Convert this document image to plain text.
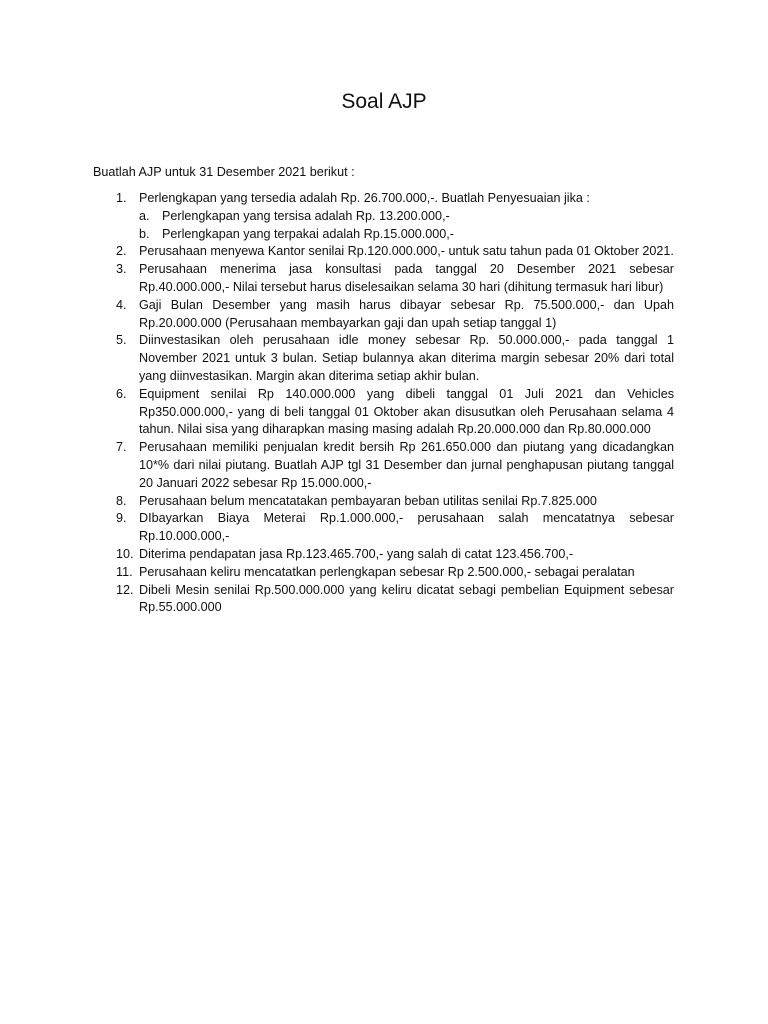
Soal AJP
Buatlah AJP untuk 31 Desember 2021 berikut :
1. Perlengkapan yang tersedia adalah Rp. 26.700.000,-. Buatlah Penyesuaian jika :
a. Perlengkapan yang tersisa adalah Rp. 13.200.000,-
b. Perlengkapan yang terpakai adalah Rp.15.000.000,-
2. Perusahaan menyewa Kantor senilai Rp.120.000.000,- untuk satu tahun pada 01 Oktober 2021.
3. Perusahaan menerima jasa konsultasi pada tanggal 20 Desember 2021 sebesar Rp.40.000.000,- Nilai tersebut harus diselesaikan selama 30 hari (dihitung termasuk hari libur)
4. Gaji Bulan Desember yang masih harus dibayar sebesar Rp. 75.500.000,- dan Upah Rp.20.000.000 (Perusahaan membayarkan gaji dan upah setiap tanggal 1)
5. Diinvestasikan oleh perusahaan idle money sebesar Rp. 50.000.000,- pada tanggal 1 November 2021 untuk 3 bulan. Setiap bulannya akan diterima margin sebesar 20% dari total yang diinvestasikan. Margin akan diterima setiap akhir bulan.
6. Equipment senilai Rp 140.000.000 yang dibeli tanggal 01 Juli 2021 dan Vehicles Rp350.000.000,- yang di beli tanggal 01 Oktober akan disusutkan oleh Perusahaan selama 4 tahun. Nilai sisa yang diharapkan masing masing adalah Rp.20.000.000 dan Rp.80.000.000
7. Perusahaan memiliki penjualan kredit bersih Rp 261.650.000 dan piutang yang dicadangkan 10*% dari nilai piutang. Buatlah AJP tgl 31 Desember dan jurnal penghapusan piutang tanggal 20 Januari 2022 sebesar Rp 15.000.000,-
8. Perusahaan belum mencatatakan pembayaran beban utilitas senilai Rp.7.825.000
9. DIbayarkan Biaya Meterai Rp.1.000.000,- perusahaan salah mencatatnya sebesar Rp.10.000.000,-
10. Diterima pendapatan jasa Rp.123.465.700,- yang salah di catat 123.456.700,-
11. Perusahaan keliru mencatatkan perlengkapan sebesar Rp 2.500.000,- sebagai peralatan
12. Dibeli Mesin senilai Rp.500.000.000 yang keliru dicatat sebagi pembelian Equipment sebesar Rp.55.000.000
